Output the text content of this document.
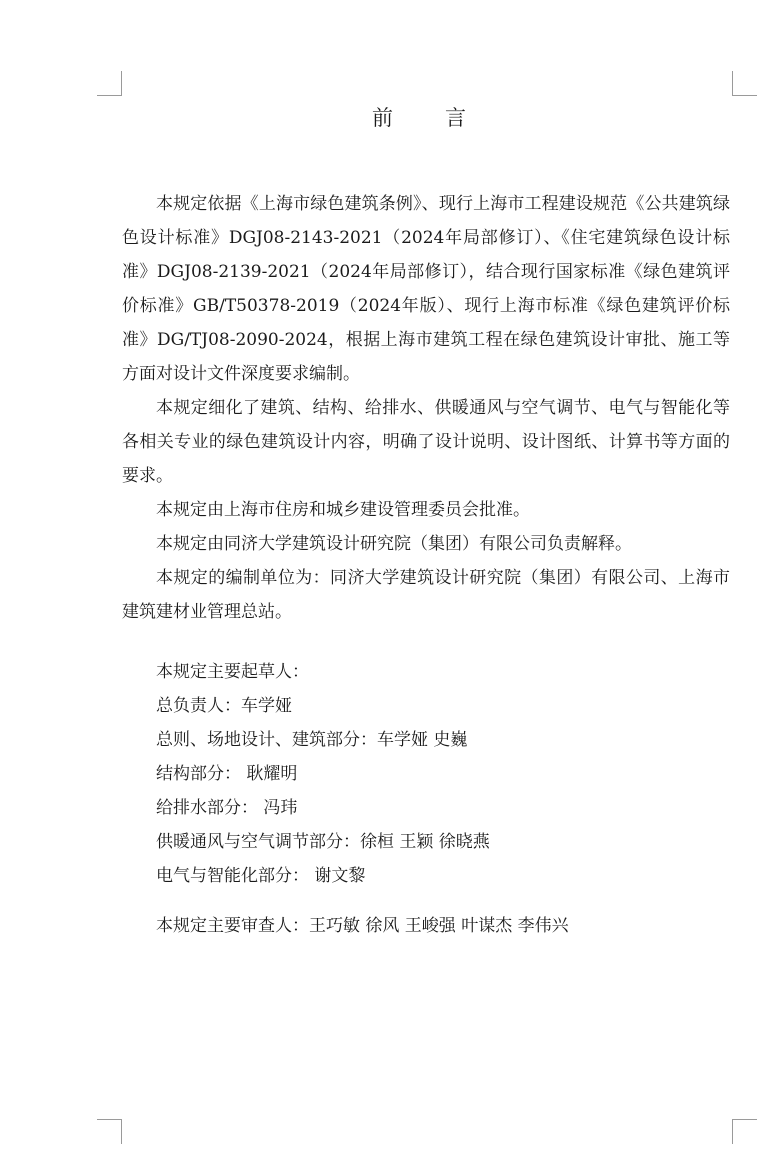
前言

本规定依据《上海市绿色建筑条例》、现行上海市工程建设规范《公共建筑绿色设计标准》DGJ08-2143-2021（2024年局部修订）、《住宅建筑绿色设计标准》DGJ08-2139-2021（2024年局部修订），结合现行国家标准《绿色建筑评价标准》GB/T50378-2019（2024年版）、现行上海市标准《绿色建筑评价标准》DG/TJ08-2090-2024，根据上海市建筑工程在绿色建筑设计审批、施工等方面对设计文件深度要求编制。

本规定细化了建筑、结构、给排水、供暖通风与空气调节、电气与智能化等各相关专业的绿色建筑设计内容，明确了设计说明、设计图纸、计算书等方面的要求。

本规定由上海市住房和城乡建设管理委员会批准。

本规定由同济大学建筑设计研究院（集团）有限公司负责解释。

本规定的编制单位为：同济大学建筑设计研究院（集团）有限公司、上海市建筑建材业管理总站。

本规定主要起草人：

总负责人：车学娅

总则、场地设计、建筑部分：车学娅 史巍

结构部分： 耿耀明

给排水部分： 冯玮

供暖通风与空气调节部分：徐桓 王颖 徐晓燕

电气与智能化部分： 谢文黎

本规定主要审查人：王巧敏 徐风 王峻强 叶谋杰 李伟兴
